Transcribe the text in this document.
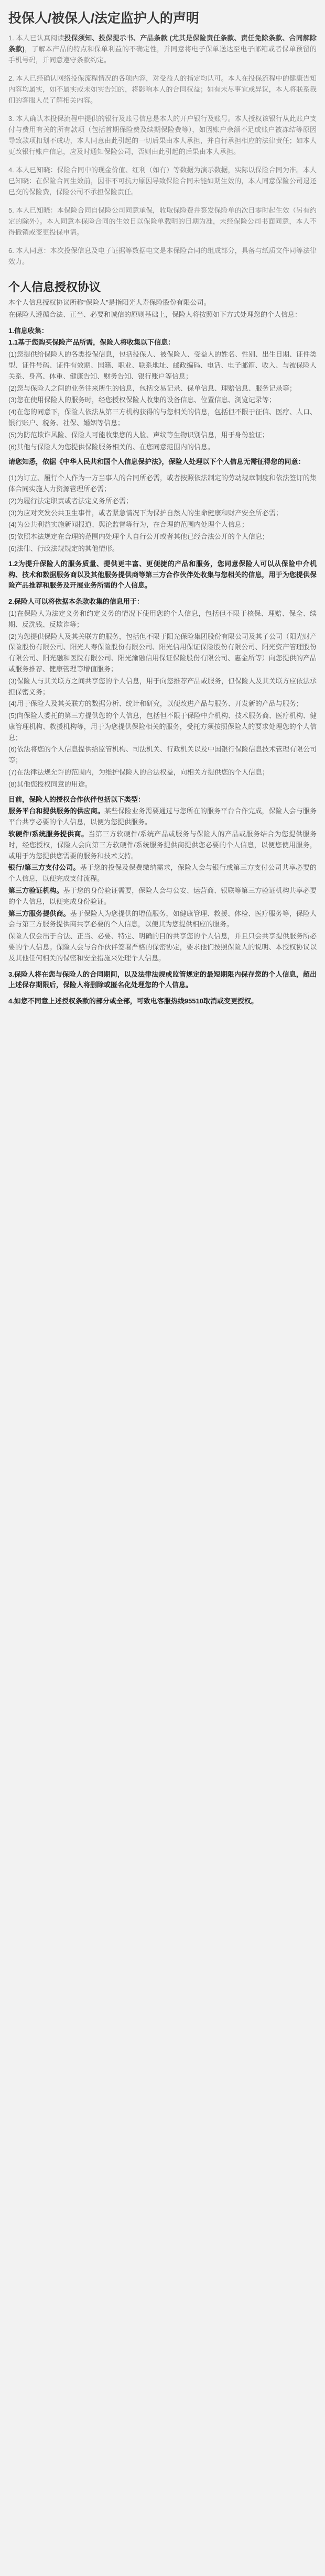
投保人/被保人/法定监护人的声明

1. 本人已认真阅读投保须知、投保提示书、产品条款 (尤其是保险责任条款、责任免除条款、合同解除条款)，了解本产品的特点和保单利益的不确定性，并同意将电子保单送达至电子邮箱或者保单预留的手机号码，并同意遵守条款约定。

2. 本人已经确认网络投保流程情况的各项内容，对受益人的指定均认可。本人在投保流程中的健康告知内容均属实，如不属实或未如实告知的，将影响本人的合同权益；如有未尽事宜或异议，本人将联系我们的客服人员了解相关内容。

3. 本人确认本投保流程中提供的银行及账号信息是本人的开户银行及账号。本人授权该银行从此账户支付与费用有关的所有款项（包括首期保险费及续期保险费等），如因账户余额不足或账户被冻结等原因导致款项扣划不成功，本人同意由此引起的一切后果由本人承担，并自行承担相应的法律责任；如本人更改银行账户信息，应及时通知保险公司，否则由此引起的后果由本人承担。

4. 本人已知晓：保险合同中的现金价值、红利（如有）等数据为演示数据，实际以保险合同为准。本人已知晓：在保险合同生效前，因非不可抗力原因导致保险合同未能如期生效的，本人同意保险公司退还已交的保险费，保险公司不承担保险责任。

5. 本人已知晓：本保险合同自保险公司同意承保，收取保险费并签发保险单的次日零时起生效（另有约定的除外）。本人同意本保险合同的生效日以保险单载明的日期为准，未经保险公司书面同意，本人不得撤销或变更投保申请。

6. 本人同意：本次投保信息及电子证据等数据电文是本保险合同的组成部分，具备与纸质文件同等法律效力。

个人信息授权协议

本个人信息授权协议所称“保险人”是指阳光人寿保险股份有限公司。

在保险人遵循合法、正当、必要和诚信的原则基础上，保险人将按照如下方式处理您的个人信息：

1.信息收集：

1.1基于您购买保险产品所需，保险人将收集以下信息：

(1)您提供给保险人的各类投保信息，包括投保人、被保险人、受益人的姓名、性别、出生日期、证件类型、证件号码、证件有效期、国籍、职业、联系地址、邮政编码、电话、电子邮箱、收入、与被保险人关系、身高、体重、健康告知、财务告知、银行账户等信息；

(2)您与保险人之间的业务往来所生的信息，包括交易记录、保单信息、理赔信息、服务记录等；

(3)您在使用保险人的服务时，经您授权保险人收集的设备信息、位置信息、浏览记录等；

(4)在您的同意下，保险人依法从第三方机构获得的与您相关的信息，包括但不限于征信、医疗、人口、银行账户、税务、社保、婚姻等信息；

(5)为防范欺诈风险、保险人可能收集您的人脸、声纹等生物识别信息，用于身份验证；

(6)其他与保险人为您提供保险服务相关的、在您同意范围内的信息。

请您知悉，依据《中华人民共和国个人信息保护法》，保险人处理以下个人信息无需征得您的同意：

(1)为订立、履行个人作为一方当事人的合同所必需，或者按照依法制定的劳动规章制度和依法签订的集体合同实施人力资源管理所必需；

(2)为履行法定职责或者法定义务所必需；

(3)为应对突发公共卫生事件，或者紧急情况下为保护自然人的生命健康和财产安全所必需；

(4)为公共利益实施新闻报道、舆论监督等行为，在合理的范围内处理个人信息；

(5)依照本法规定在合理的范围内处理个人自行公开或者其他已经合法公开的个人信息；

(6)法律、行政法规规定的其他情形。

1.2为提升保险人的服务质量、提供更丰富、更便捷的产品和服务，您同意保险人可以从保险中介机构、技术和数据服务商以及其他服务提供商等第三方合作伙伴处收集与您相关的信息，用于为您提供保险产品推荐和服务及开展业务所需的个人信息。

2.保险人可以将依据本条款收集的信息用于：

(1)在保险人为法定义务和约定义务的情况下使用您的个人信息，包括但不限于核保、理赔、保全、续期、反洗钱、反欺诈等；

(2)为您提供保险人及其关联方的服务，包括但不限于阳光保险集团股份有限公司及其子公司（阳光财产保险股份有限公司、阳光人寿保险股份有限公司、阳光信用保证保险股份有限公司、阳光资产管理股份有限公司、阳光融和医院有限公司、阳光渝融信用保证保险股份有限公司、惠金所等）向您提供的产品或服务推荐、健康管理等增值服务；

(3)保险人与其关联方之间共享您的个人信息，用于向您推荐产品或服务，但保险人及其关联方应依法承担保密义务；

(4)用于保险人及其关联方的数据分析、统计和研究，以便改进产品与服务、开发新的产品与服务；

(5)向保险人委托的第三方提供您的个人信息，包括但不限于保险中介机构、技术服务商、医疗机构、健康管理机构、救援机构等，用于为您提供保险相关的服务，受托方须按照保险人的要求处理您的个人信息；

(6)依法将您的个人信息提供给监管机构、司法机关、行政机关以及中国银行保险信息技术管理有限公司等；

(7)在法律法规允许的范围内，为维护保险人的合法权益，向相关方提供您的个人信息；

(8)其他您授权同意的用途。

目前，保险人的授权合作伙伴包括以下类型：

服务平台和提供服务的供应商。某些保险业务需要通过与您所在的服务平台合作完成，保险人会与服务平台共享必要的个人信息，以便为您提供服务。

软硬件/系统服务提供商。当第三方软硬件/系统产品或服务与保险人的产品或服务结合为您提供服务时，经您授权，保险人会向第三方软硬件/系统服务提供商提供您必要的个人信息，以便您使用服务，或用于为您提供您需要的服务和技术支持。

银行/第三方支付公司。基于您的投保及保费缴纳需求，保险人会与银行或第三方支付公司共享必要的个人信息，以便完成支付流程。

第三方验证机构。基于您的身份验证需要，保险人会与公安、运营商、银联等第三方验证机构共享必要的个人信息，以便完成身份验证。

第三方服务提供商。基于保险人为您提供的增值服务，如健康管理、救援、体检、医疗服务等，保险人会与第三方服务提供商共享必要的个人信息，以便其为您提供相应的服务。

保险人仅会出于合法、正当、必要、特定、明确的目的共享您的个人信息，并且只会共享提供服务所必要的个人信息。保险人会与合作伙伴签署严格的保密协定，要求他们按照保险人的说明、本授权协议以及其他任何相关的保密和安全措施来处理个人信息。

3.保险人将在您与保险人的合同期间，以及法律法规或监管规定的最短期限内保存您的个人信息，超出上述保存期限后，保险人将删除或匿名化处理您的个人信息。

4.如您不同意上述授权条款的部分或全部，可致电客服热线95510取消或变更授权。
